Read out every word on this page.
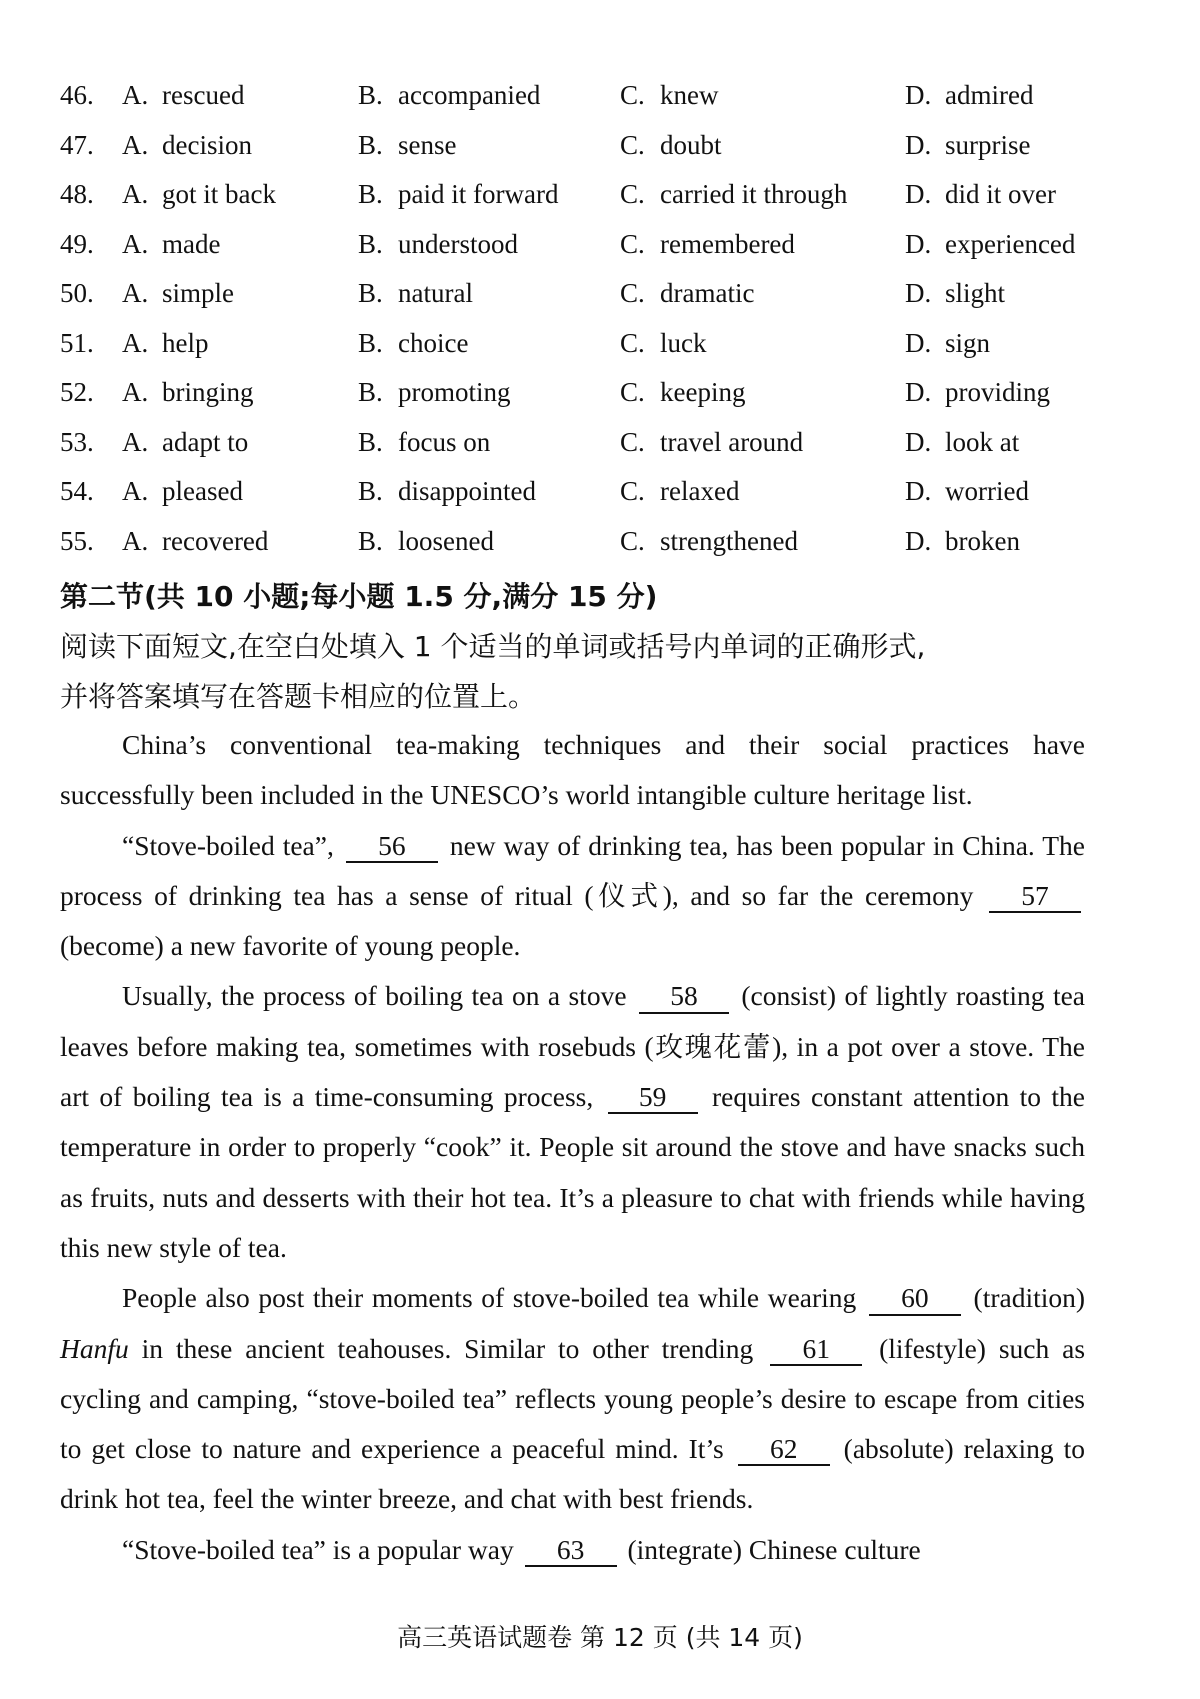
46. A. rescued	B. accompanied	C. knew	D. admired
47. A. decision	B. sense	C. doubt	D. surprise
48. A. got it back	B. paid it forward C. carried it through D. did it over
49. A. made	B. understood	C. remembered	D. experienced
50. A. simple	B. natural	C. dramatic	D. slight
51. A. help	B. choice	C. luck	D. sign
52. A. bringing	B. promoting	C. keeping	D. providing
53. A. adapt to	B. focus on	C. travel around	D. look at
54. A. pleased	B. disappointed	C. relaxed	D. worried
55. A. recovered	B. loosened	C. strengthened	D. broken
第二节(共 10 小题;每小题 1.5 分,满分 15 分)
阅读下面短文,在空白处填入 1 个适当的单词或括号内单词的正确形式,
并将答案填写在答题卡相应的位置上。

China’s conventional tea-making techniques and their social practices have successfully been included in the UNESCO’s world intangible culture heritage list.

“Stove-boiled tea”, 56 new way of drinking tea, has been popular in China. The process of drinking tea has a sense of ritual (仪式), and so far the ceremony 57 (become) a new favorite of young people.

Usually, the process of boiling tea on a stove 58 (consist) of lightly roasting tea leaves before making tea, sometimes with rosebuds (玫瑰花蕾), in a pot over a stove. The art of boiling tea is a time-consuming process, 59 requires constant attention to the temperature in order to properly “cook” it. People sit around the stove and have snacks such as fruits, nuts and desserts with their hot tea. It’s a pleasure to chat with friends while having this new style of tea.

People also post their moments of stove-boiled tea while wearing 60 (tradition) Hanfu in these ancient teahouses. Similar to other trending 61 (lifestyle) such as cycling and camping, “stove-boiled tea” reflects young people’s desire to escape from cities to get close to nature and experience a peaceful mind. It’s 62 (absolute) relaxing to drink hot tea, feel the winter breeze, and chat with best friends.

“Stove-boiled tea” is a popular way 63 (integrate) Chinese culture

高三英语试题卷 第 12 页 (共 14 页)
